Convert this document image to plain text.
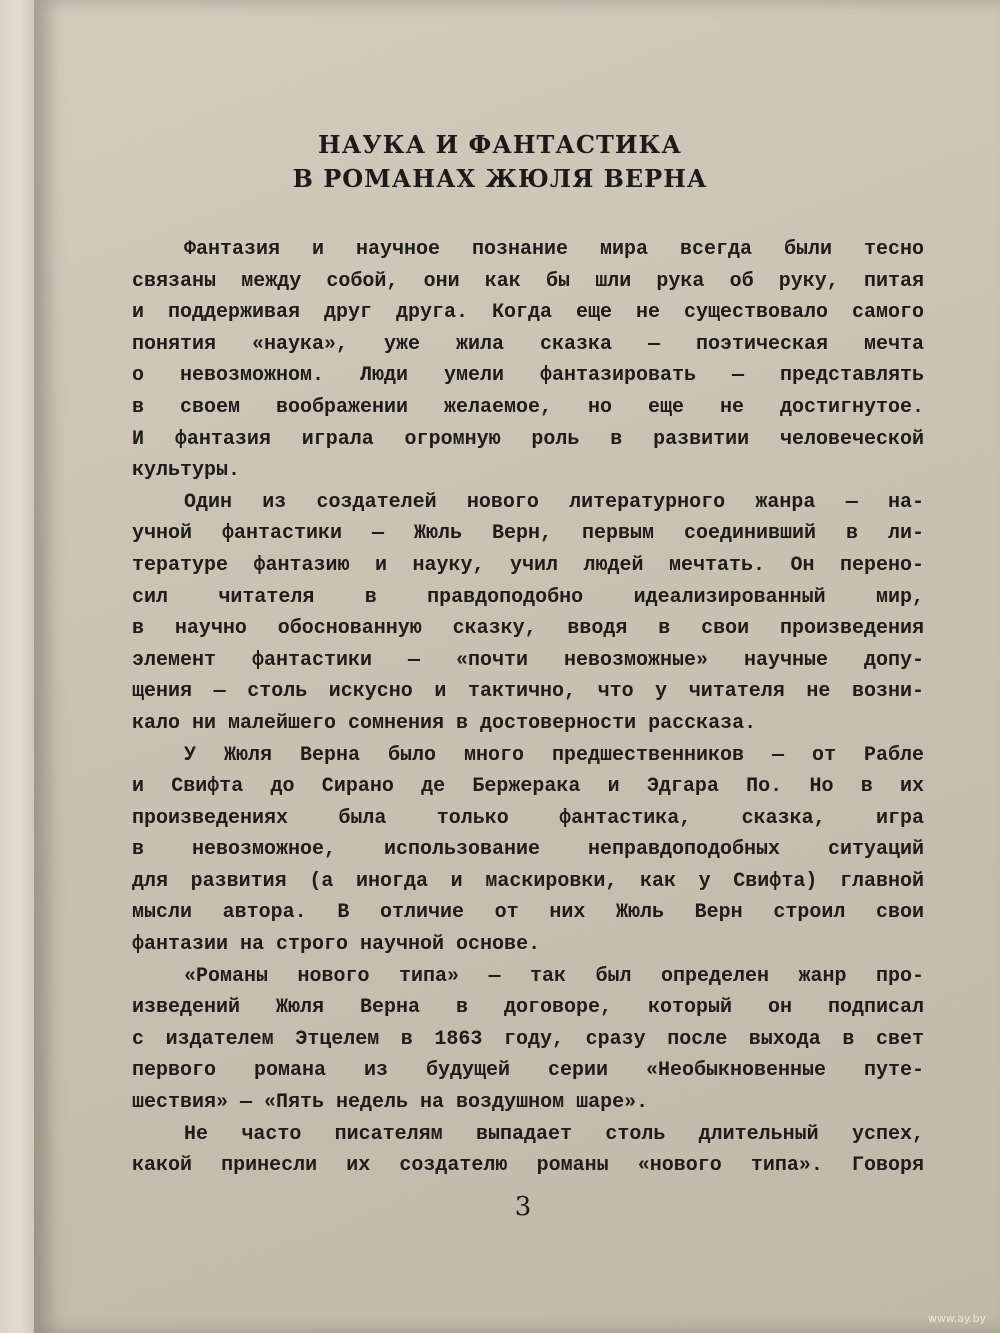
НАУКА И ФАНТАСТИКА
В РОМАНАХ ЖЮЛЯ ВЕРНА
Фантазия и научное познание мира всегда были тесно
связаны между собой, они как бы шли рука об руку, питая
и поддерживая друг друга. Когда еще не существовало самого
понятия «наука», уже жила сказка — поэтическая мечта
о невозможном. Люди умели фантазировать — представлять
в своем воображении желаемое, но еще не достигнутое.
И фантазия играла огромную роль в развитии человеческой
культуры.
Один из создателей нового литературного жанра — на-
учной фантастики — Жюль Верн, первым соединивший в ли-
тературе фантазию и науку, учил людей мечтать. Он перено-
сил читателя в правдоподобно идеализированный мир,
в научно обоснованную сказку, вводя в свои произведения
элемент фантастики — «почти невозможные» научные допу-
щения — столь искусно и тактично, что у читателя не возни-
кало ни малейшего сомнения в достоверности рассказа.
У Жюля Верна было много предшественников — от Рабле
и Свифта до Сирано де Бержерака и Эдгара По. Но в их
произведениях была только фантастика, сказка, игра
в невозможное, использование неправдоподобных ситуаций
для развития (а иногда и маскировки, как у Свифта) главной
мысли автора. В отличие от них Жюль Верн строил свои
фантазии на строго научной основе.
«Романы нового типа» — так был определен жанр про-
изведений Жюля Верна в договоре, который он подписал
с издателем Этцелем в 1863 году, сразу после выхода в свет
первого романа из будущей серии «Необыкновенные путе-
шествия» — «Пять недель на воздушном шаре».
Не часто писателям выпадает столь длительный успех,
какой принесли их создателю романы «нового типа». Говоря
3
www.ay.by
